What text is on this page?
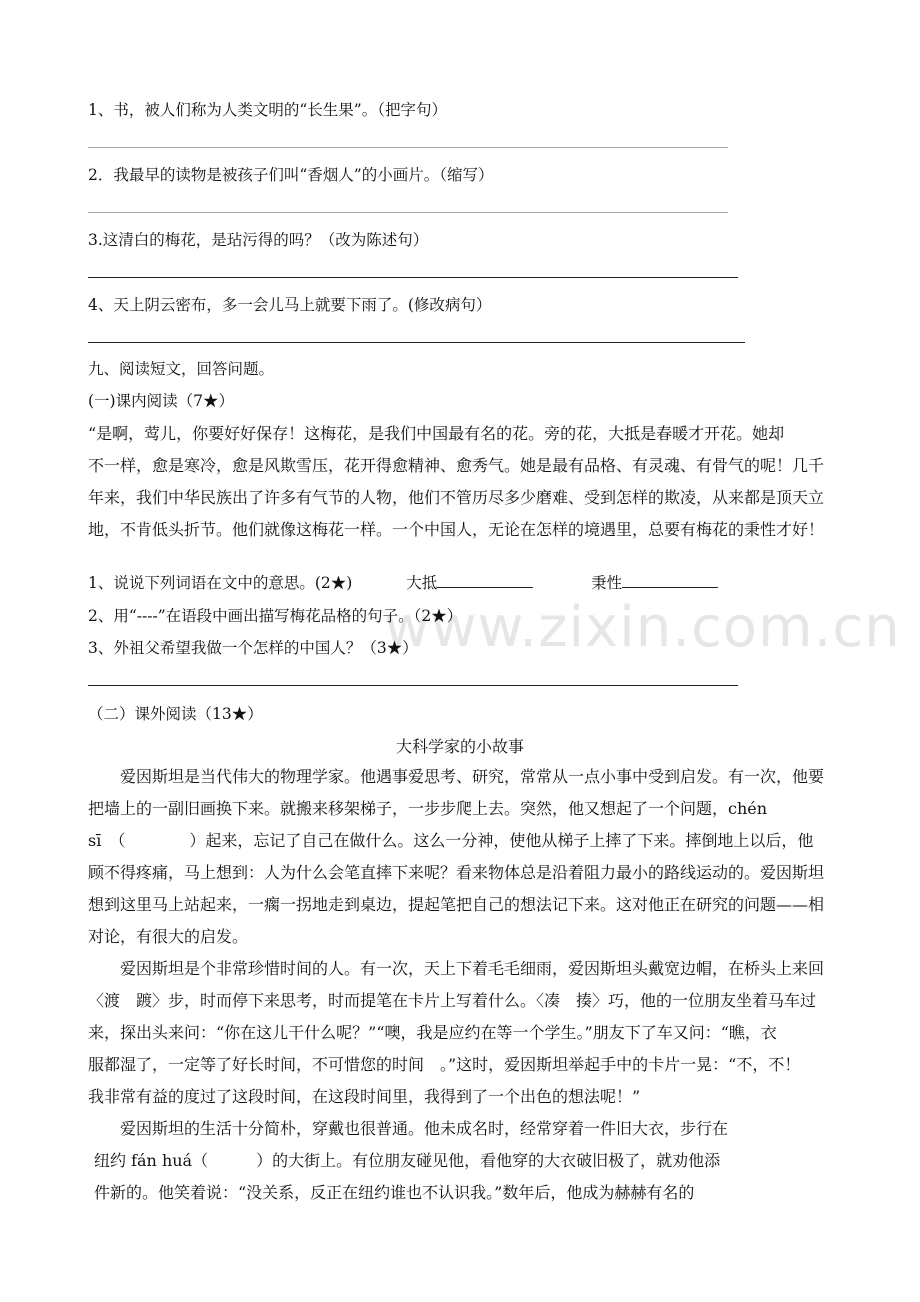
www.zixin.com.cn
1、书，被人们称为人类文明的“长生果”。（把字句）
2．我最早的读物是被孩子们叫“香烟人”的小画片。（缩写）
3.这清白的梅花，是玷污得的吗？（改为陈述句）
4、天上阴云密布，多一会儿马上就要下雨了。(修改病句）
九、阅读短文，回答问题。
(一)课内阅读（7★）
“是啊，莺儿，你要好好保存！这梅花，是我们中国最有名的花。旁的花，大抵是春暖才开花。她却
不一样，愈是寒冷，愈是风欺雪压，花开得愈精神、愈秀气。她是最有品格、有灵魂、有骨气的呢！几千
年来，我们中华民族出了许多有气节的人物，他们不管历尽多少磨难、受到怎样的欺凌，从来都是顶天立
地，不肯低头折节。他们就像这梅花一样。一个中国人，无论在怎样的境遇里，总要有梅花的秉性才好！
1、说说下列词语在文中的意思。(2★)	大抵	秉性
2、用“----”在语段中画出描写梅花品格的句子。（2★）
3、外祖父希望我做一个怎样的中国人？（3★）
（二）课外阅读（13★）
大科学家的小故事
　　爱因斯坦是当代伟大的物理学家。他遇事爱思考、研究，常常从一点小事中受到启发。有一次，他要
把墙上的一副旧画换下来。就搬来移架梯子，一步步爬上去。突然，他又想起了一个问题，chén
sī　（　　　　）起来，忘记了自己在做什么。这么一分神，使他从梯子上摔了下来。摔倒地上以后，他
顾不得疼痛，马上想到：人为什么会笔直摔下来呢？看来物体总是沿着阻力最小的路线运动的。爱因斯坦
想到这里马上站起来，一瘸一拐地走到桌边，提起笔把自己的想法记下来。这对他正在研究的问题——相
对论，有很大的启发。
　　爱因斯坦是个非常珍惜时间的人。有一次，天上下着毛毛细雨，爱因斯坦头戴宽边帽，在桥头上来回
〈渡　踱〉步，时而停下来思考，时而提笔在卡片上写着什么。〈凑　揍〉巧，他的一位朋友坐着马车过
来，探出头来问：“你在这儿干什么呢？”“噢，我是应约在等一个学生。”朋友下了车又问：“瞧，衣
服都湿了，一定等了好长时间，不可惜您的时间　。”这时，爱因斯坦举起手中的卡片一晃：“不，不！
我非常有益的度过了这段时间，在这段时间里，我得到了一个出色的想法呢！”
　　爱因斯坦的生活十分简朴，穿戴也很普通。他未成名时，经常穿着一件旧大衣，步行在
纽约 fán huá（　　　）的大街上。有位朋友碰见他，看他穿的大衣破旧极了，就劝他添
件新的。他笑着说：“没关系，反正在纽约谁也不认识我。”数年后，他成为赫赫有名的
